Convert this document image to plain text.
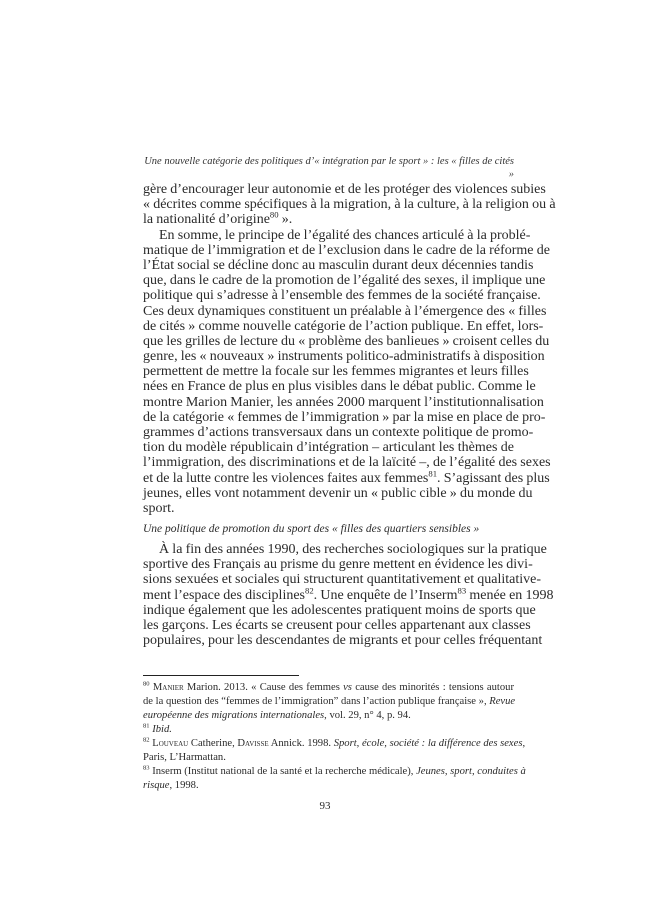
Une nouvelle catégorie des politiques d’« intégration par le sport » : les « filles de cités »
gère d’encourager leur autonomie et de les protéger des violences subies
« décrites comme spécifiques à la migration, à la culture, à la religion ou à
la nationalité d’origine$^{80}$ ».
En somme, le principe de l’égalité des chances articulé à la problé-
matique de l’immigration et de l’exclusion dans le cadre de la réforme de
l’État social se décline donc au masculin durant deux décennies tandis
que, dans le cadre de la promotion de l’égalité des sexes, il implique une
politique qui s’adresse à l’ensemble des femmes de la société française.
Ces deux dynamiques constituent un préalable à l’émergence des « filles
de cités » comme nouvelle catégorie de l’action publique. En effet, lors-
que les grilles de lecture du « problème des banlieues » croisent celles du
genre, les « nouveaux » instruments politico-administratifs à disposition
permettent de mettre la focale sur les femmes migrantes et leurs filles
nées en France de plus en plus visibles dans le débat public. Comme le
montre Marion Manier, les années 2000 marquent l’institutionnalisation
de la catégorie « femmes de l’immigration » par la mise en place de pro-
grammes d’actions transversaux dans un contexte politique de promo-
tion du modèle républicain d’intégration – articulant les thèmes de
l’immigration, des discriminations et de la laïcité –, de l’égalité des sexes
et de la lutte contre les violences faites aux femmes$^{81}$. S’agissant des plus
jeunes, elles vont notamment devenir un « public cible » du monde du
sport.
Une politique de promotion du sport des « filles des quartiers sensibles »
À la fin des années 1990, des recherches sociologiques sur la pratique
sportive des Français au prisme du genre mettent en évidence les divi-
sions sexuées et sociales qui structurent quantitativement et qualitative-
ment l’espace des disciplines$^{82}$. Une enquête de l’Inserm$^{83}$ menée en 1998
indique également que les adolescentes pratiquent moins de sports que
les garçons. Les écarts se creusent pour celles appartenant aux classes
populaires, pour les descendantes de migrants et pour celles fréquentant
$^{80}$ Manier Marion. 2013. « Cause des femmes vs cause des minorités : tensions autour
de la question des “femmes de l’immigration” dans l’action publique française », Revue
européenne des migrations internationales, vol. 29, n° 4, p. 94.
$^{81}$ Ibid.
$^{82}$ Louveau Catherine, Davisse Annick. 1998. Sport, école, société : la différence des sexes,
Paris, L’Harmattan.
$^{83}$ Inserm (Institut national de la santé et la recherche médicale), Jeunes, sport, conduites à
risque, 1998.
93
